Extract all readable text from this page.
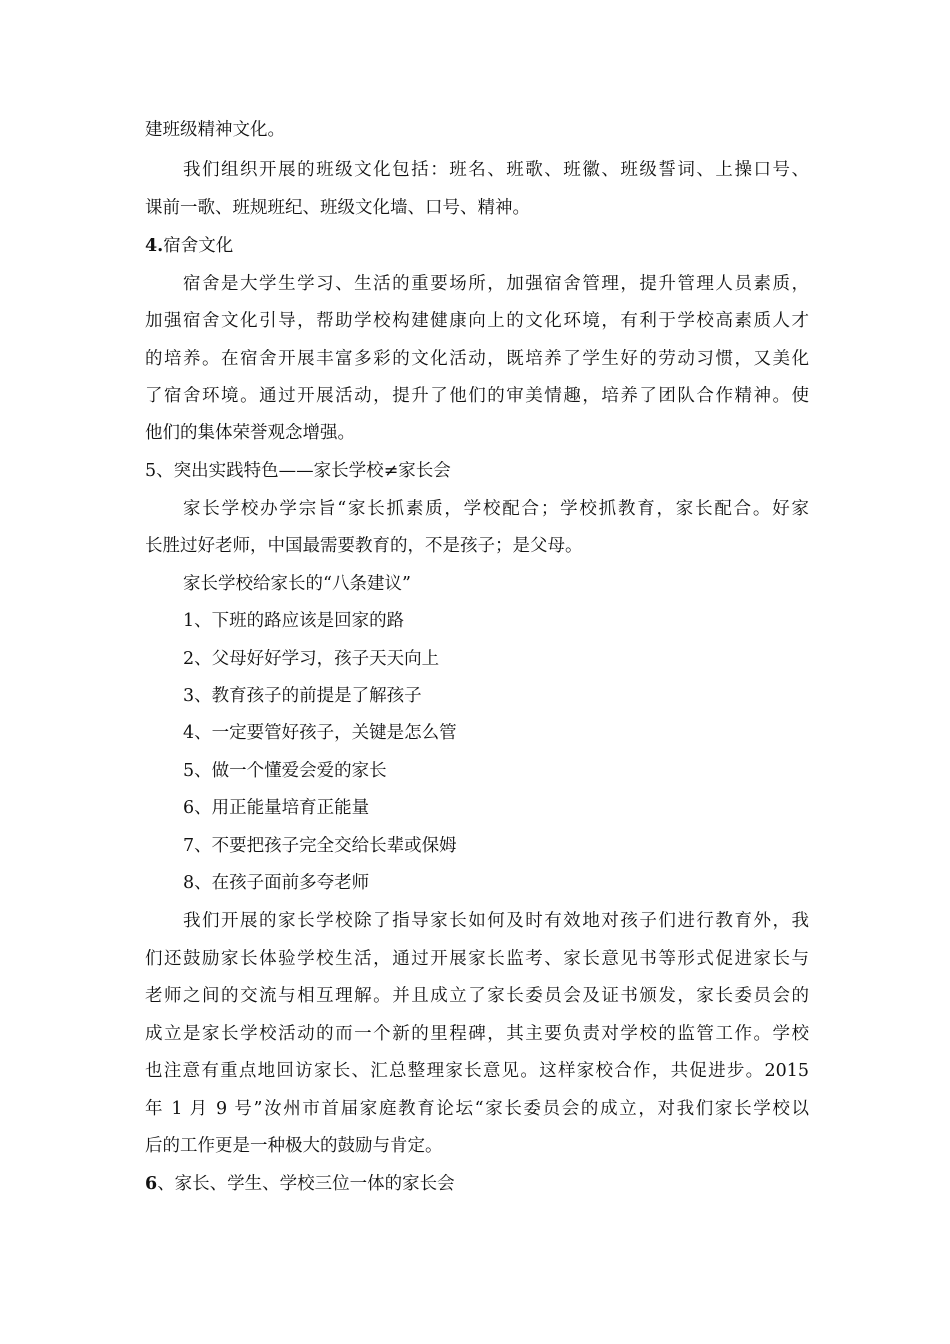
建班级精神文化。
我们组织开展的班级文化包括：班名、班歌、班徽、班级誓词、上操口号、
课前一歌、班规班纪、班级文化墙、口号、精神。
4.宿舍文化
宿舍是大学生学习、生活的重要场所，加强宿舍管理，提升管理人员素质，
加强宿舍文化引导，帮助学校构建健康向上的文化环境，有利于学校高素质人才
的培养。在宿舍开展丰富多彩的文化活动，既培养了学生好的劳动习惯，又美化
了宿舍环境。通过开展活动，提升了他们的审美情趣，培养了团队合作精神。使
他们的集体荣誉观念增强。
5、突出实践特色——家长学校≠家长会
家长学校办学宗旨“家长抓素质，学校配合；学校抓教育，家长配合。好家
长胜过好老师，中国最需要教育的，不是孩子；是父母。
家长学校给家长的“八条建议”
1、下班的路应该是回家的路
2、父母好好学习，孩子天天向上
3、教育孩子的前提是了解孩子
4、一定要管好孩子，关键是怎么管
5、做一个懂爱会爱的家长
6、用正能量培育正能量
7、不要把孩子完全交给长辈或保姆
8、在孩子面前多夸老师
我们开展的家长学校除了指导家长如何及时有效地对孩子们进行教育外，我
们还鼓励家长体验学校生活，通过开展家长监考、家长意见书等形式促进家长与
老师之间的交流与相互理解。并且成立了家长委员会及证书颁发，家长委员会的
成立是家长学校活动的而一个新的里程碑，其主要负责对学校的监管工作。学校
也注意有重点地回访家长、汇总整理家长意见。这样家校合作，共促进步。2015
年 1 月 9 号”汝州市首届家庭教育论坛“家长委员会的成立，对我们家长学校以
后的工作更是一种极大的鼓励与肯定。
6、家长、学生、学校三位一体的家长会
